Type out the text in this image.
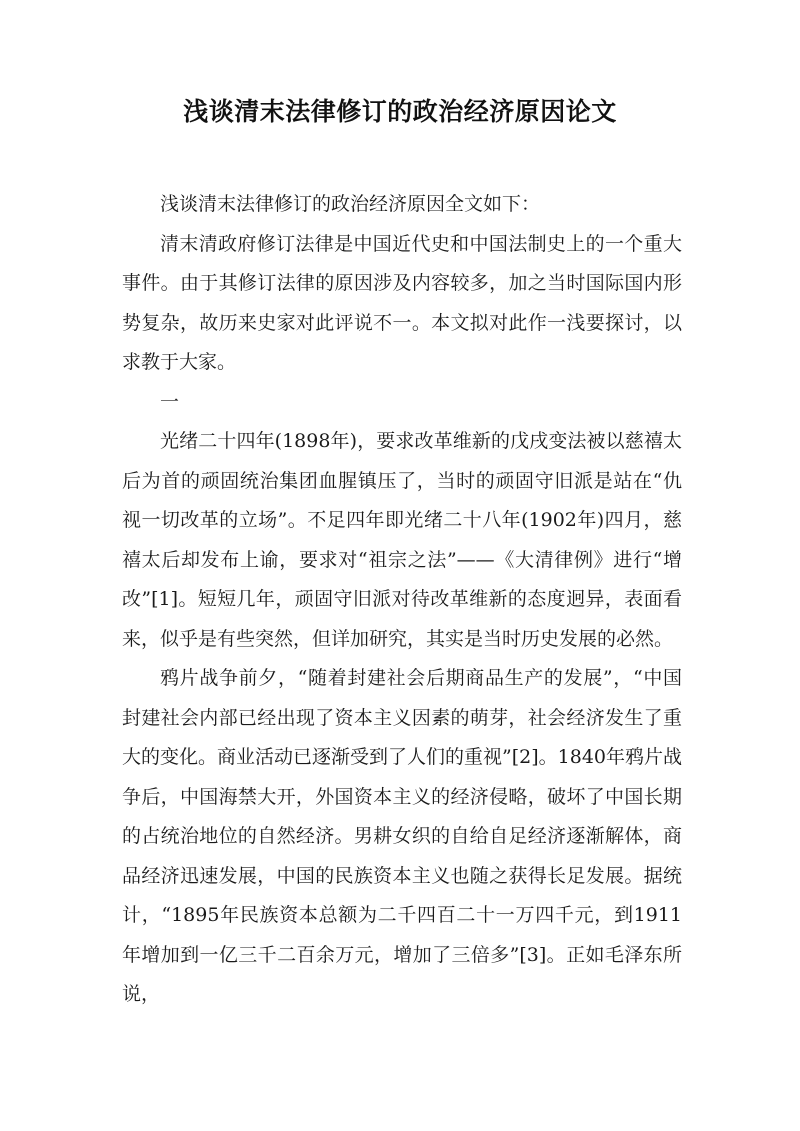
浅谈清末法律修订的政治经济原因论文

浅谈清末法律修订的政治经济原因全文如下：

清末清政府修订法律是中国近代史和中国法制史上的一个重大事件。由于其修订法律的原因涉及内容较多，加之当时国际国内形势复杂，故历来史家对此评说不一。本文拟对此作一浅要探讨，以求教于大家。

一

光绪二十四年(1898年)，要求改革维新的戊戌变法被以慈禧太后为首的顽固统治集团血腥镇压了，当时的顽固守旧派是站在“仇视一切改革的立场”。不足四年即光绪二十八年(1902年)四月，慈禧太后却发布上谕，要求对“祖宗之法”——《大清律例》进行“增改”[1]。短短几年，顽固守旧派对待改革维新的态度迥异，表面看来，似乎是有些突然，但详加研究，其实是当时历史发展的必然。

鸦片战争前夕，“随着封建社会后期商品生产的发展”，“中国封建社会内部已经出现了资本主义因素的萌芽，社会经济发生了重大的变化。商业活动已逐渐受到了人们的重视”[2]。1840年鸦片战争后，中国海禁大开，外国资本主义的经济侵略，破坏了中国长期的占统治地位的自然经济。男耕女织的自给自足经济逐渐解体，商品经济迅速发展，中国的民族资本主义也随之获得长足发展。据统计，“1895年民族资本总额为二千四百二十一万四千元，到1911年增加到一亿三千二百余万元，增加了三倍多”[3]。正如毛泽东所说，
